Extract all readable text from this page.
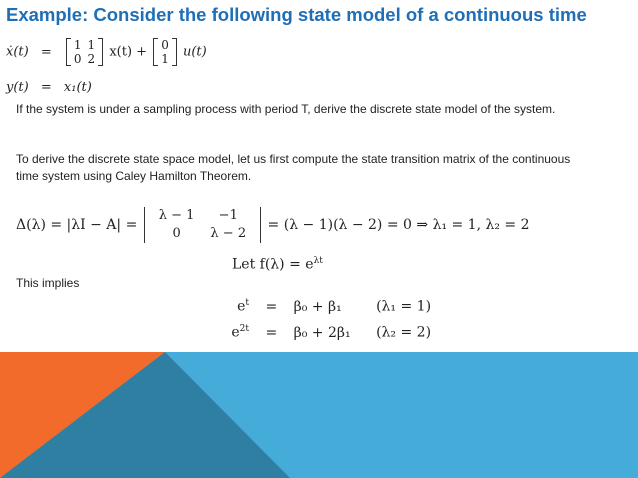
Example: Consider the following state model of a continuous time
ẋ(t) = 1	1
0	2 x(t) + 0
1 u(t)
y(t) = x₁(t)
If the system is under a sampling process with period T, derive the discrete state model of the system.
To derive the discrete state space model, let us first compute the state transition matrix of the continuous time system using Caley Hamilton Theorem.
Δ(λ) = |λI − A| =
λ − 1	−1
0	λ − 2
= (λ − 1)(λ − 2) = 0 ⇒ λ₁ = 1, λ₂ = 2
Let $f(\lambda) = e^{\lambda t}$
This implies
$e^t = \beta_0 + \beta_1$ (λ₁ = 1)
$e^{2t} = \beta_0 + 2\beta_1$ (λ₂ = 2)
